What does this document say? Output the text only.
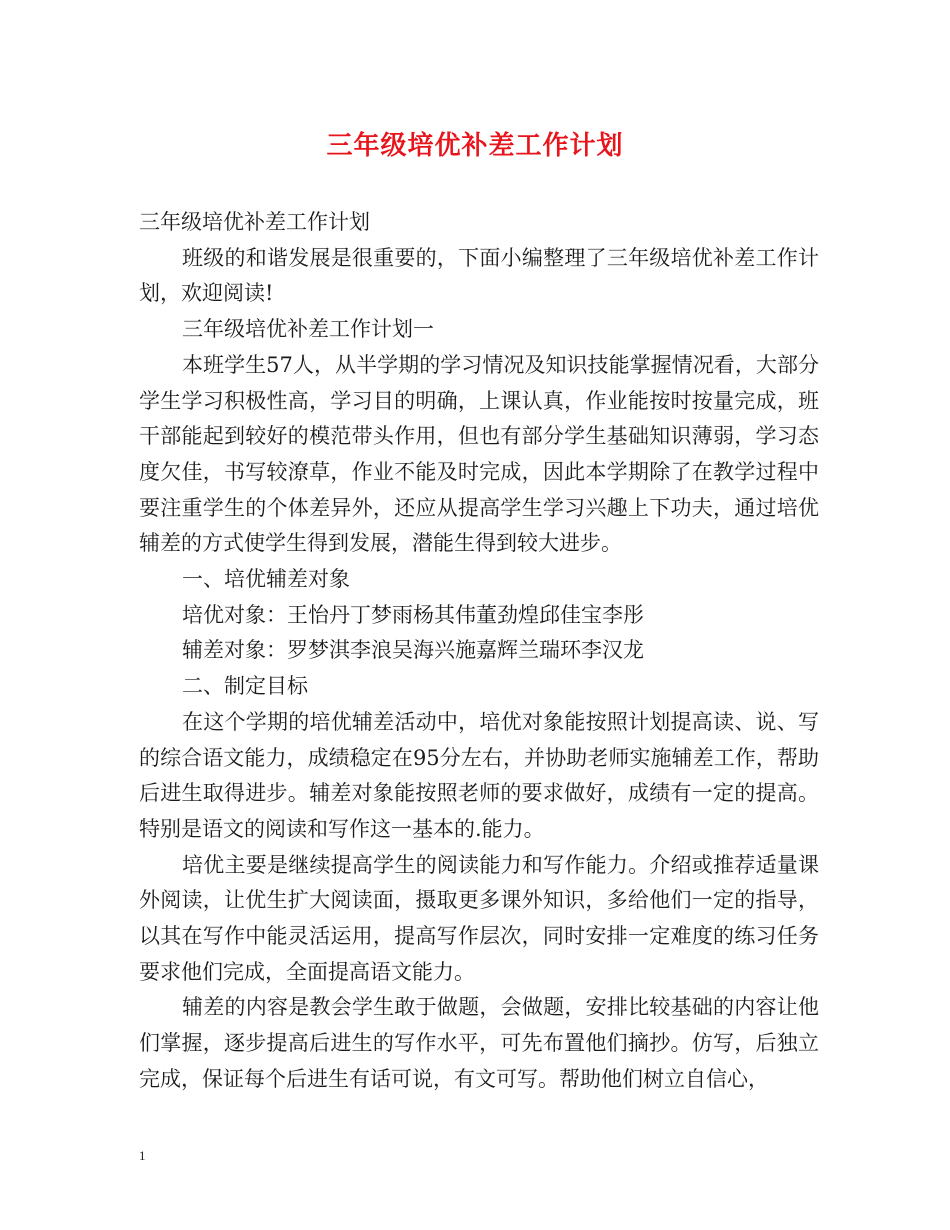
三年级培优补差工作计划

三年级培优补差工作计划

班级的和谐发展是很重要的，下面小编整理了三年级培优补差工作计划，欢迎阅读!

三年级培优补差工作计划一

本班学生57人，从半学期的学习情况及知识技能掌握情况看，大部分学生学习积极性高，学习目的明确，上课认真，作业能按时按量完成，班干部能起到较好的模范带头作用，但也有部分学生基础知识薄弱，学习态度欠佳，书写较潦草，作业不能及时完成，因此本学期除了在教学过程中要注重学生的个体差异外，还应从提高学生学习兴趣上下功夫，通过培优辅差的方式使学生得到发展，潜能生得到较大进步。

一、培优辅差对象

培优对象：王怡丹丁梦雨杨其伟董劲煌邱佳宝李彤

辅差对象：罗梦淇李浪吴海兴施嘉辉兰瑞环李汉龙

二、制定目标

在这个学期的培优辅差活动中，培优对象能按照计划提高读、说、写的综合语文能力，成绩稳定在95分左右，并协助老师实施辅差工作，帮助后进生取得进步。辅差对象能按照老师的要求做好，成绩有一定的提高。特别是语文的阅读和写作这一基本的.能力。

培优主要是继续提高学生的阅读能力和写作能力。介绍或推荐适量课外阅读，让优生扩大阅读面，摄取更多课外知识，多给他们一定的指导，以其在写作中能灵活运用，提高写作层次，同时安排一定难度的练习任务要求他们完成，全面提高语文能力。

辅差的内容是教会学生敢于做题，会做题，安排比较基础的内容让他们掌握，逐步提高后进生的写作水平，可先布置他们摘抄。仿写，后独立完成，保证每个后进生有话可说，有文可写。帮助他们树立自信心，

1
